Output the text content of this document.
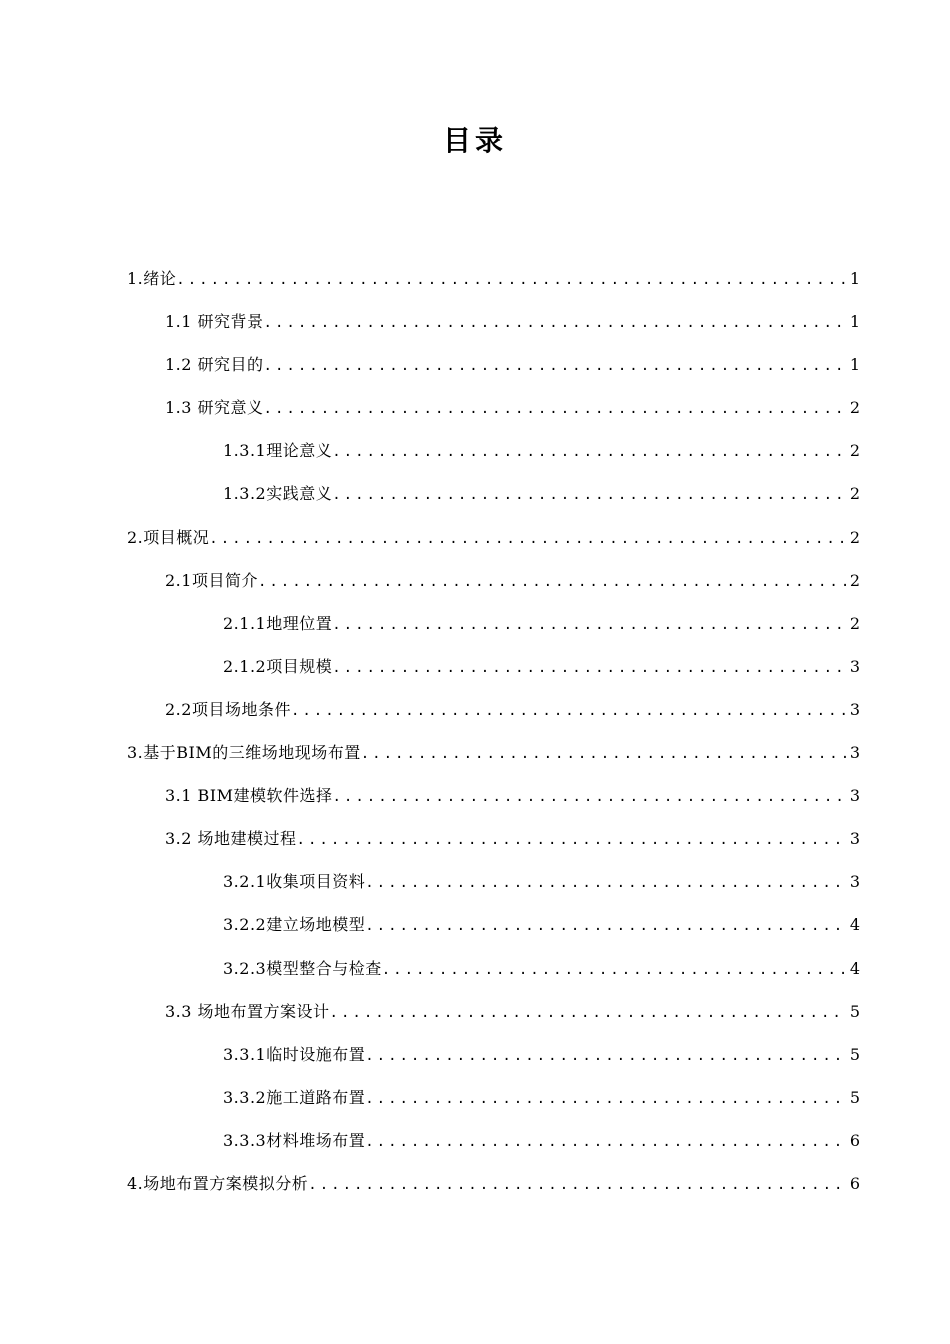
目录
1.绪论 .....	1
1.1 研究背景 .....	1
1.2 研究目的 .....	1
1.3 研究意义 .....	2
1.3.1理论意义 .....	2
1.3.2实践意义 .....	2
2.项目概况 .....	2
2.1项目简介 .....	2
2.1.1地理位置 .....	2
2.1.2项目规模 .....	3
2.2项目场地条件 .....	3
3.基于BIM的三维场地现场布置 .....	3
3.1 BIM建模软件选择 .....	3
3.2 场地建模过程 .....	3
3.2.1收集项目资料 .....	3
3.2.2建立场地模型 .....	4
3.2.3模型整合与检查 .....	4
3.3 场地布置方案设计 .....	5
3.3.1临时设施布置 .....	5
3.3.2施工道路布置 .....	5
3.3.3材料堆场布置 .....	6
4.场地布置方案模拟分析 .....	6
